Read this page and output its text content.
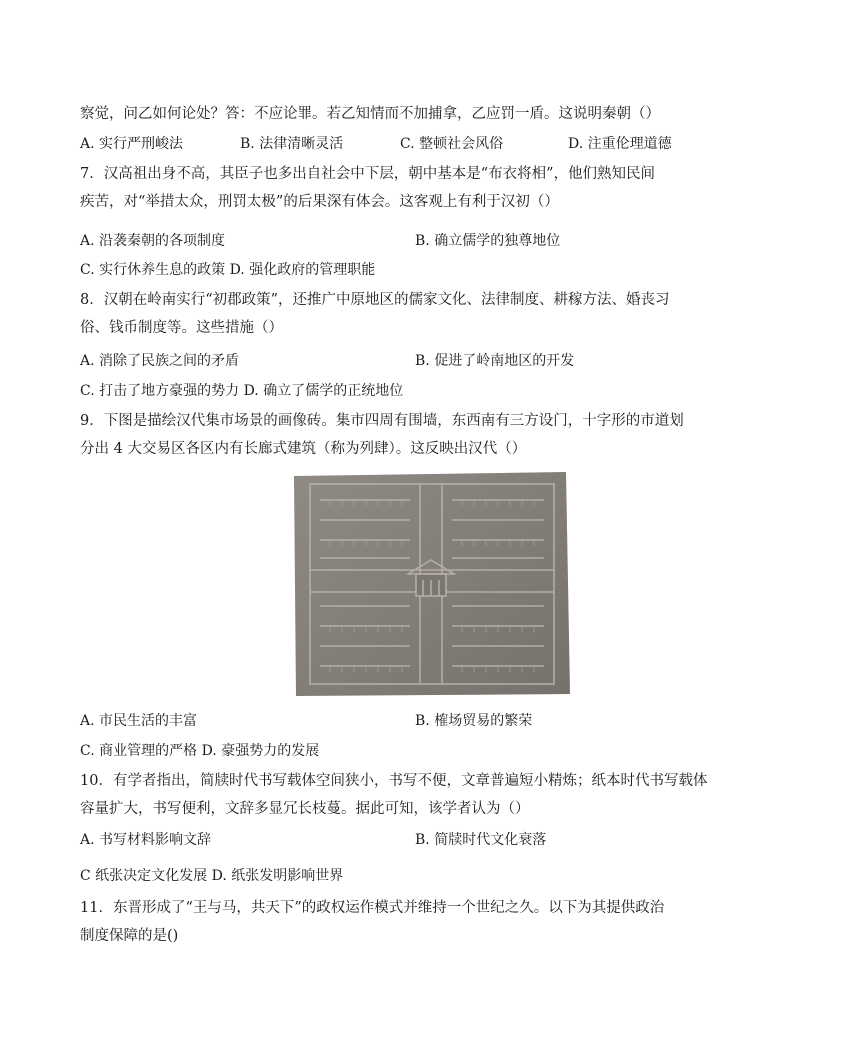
察觉，问乙如何论处？答：不应论罪。若乙知情而不加捕拿，乙应罚一盾。这说明秦朝（）
A. 实行严刑峻法	B. 法律清晰灵活	C. 整顿社会风俗	D. 注重伦理道德
7．汉高祖出身不高，其臣子也多出自社会中下层，朝中基本是“布衣将相”，他们熟知民间
疾苦，对“举措太众，刑罚太极”的后果深有体会。这客观上有利于汉初（）
A. 沿袭秦朝的各项制度	B. 确立儒学的独尊地位
C. 实行休养生息的政策 D. 强化政府的管理职能
8．汉朝在岭南实行“初郡政策”，还推广中原地区的儒家文化、法律制度、耕稼方法、婚丧习
俗、钱币制度等。这些措施（）
A. 消除了民族之间的矛盾	B. 促进了岭南地区的开发
C. 打击了地方豪强的势力 D. 确立了儒学的正统地位
9．下图是描绘汉代集市场景的画像砖。集市四周有围墙，东西南有三方设门，十字形的市道划
分出 4 大交易区各区内有长廊式建筑（称为列肆）。这反映出汉代（）
A. 市民生活的丰富	B. 榷场贸易的繁荣
C. 商业管理的严格 D. 豪强势力的发展
10．有学者指出，简牍时代书写载体空间狭小，书写不便，文章普遍短小精炼；纸本时代书写载体
容量扩大，书写便利，文辞多显冗长枝蔓。据此可知，该学者认为（）
A. 书写材料影响文辞	B. 简牍时代文化衰落
C 纸张决定文化发展 D. 纸张发明影响世界
11．东晋形成了“王与马，共天下”的政权运作模式并维持一个世纪之久。以下为其提供政治
制度保障的是()
